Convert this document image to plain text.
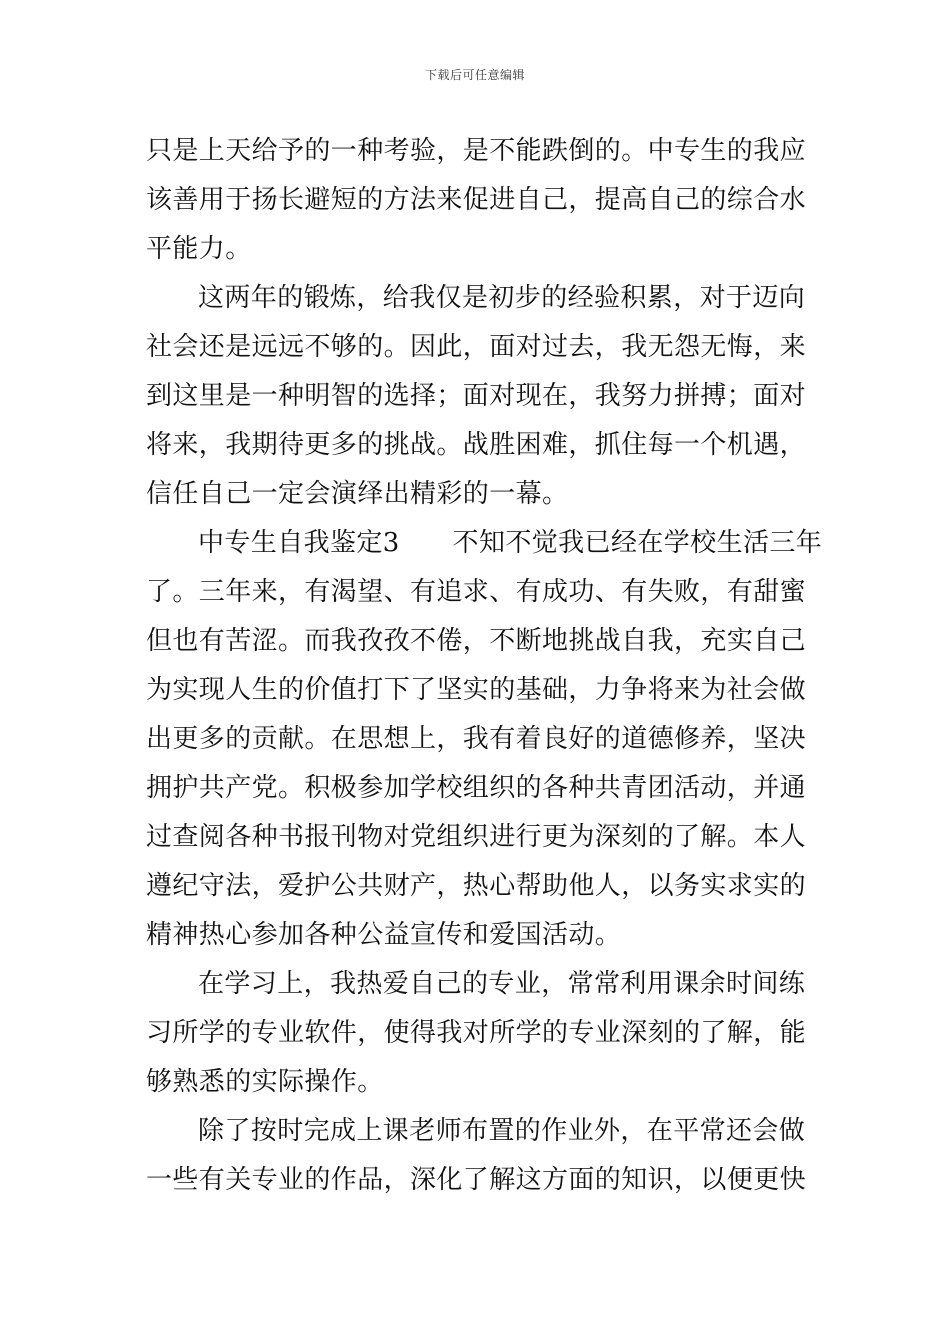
下载后可任意编辑
只是上天给予的一种考验，是不能跌倒的。中专生的我应
该善用于扬长避短的方法来促进自己，提高自己的综合水
平能力。
这两年的锻炼，给我仅是初步的经验积累，对于迈向
社会还是远远不够的。因此，面对过去，我无怨无悔，来
到这里是一种明智的选择；面对现在，我努力拼搏；面对
将来，我期待更多的挑战。战胜困难，抓住每一个机遇，
信任自己一定会演绎出精彩的一幕。
中专生自我鉴定3　　不知不觉我已经在学校生活三年
了。三年来，有渴望、有追求、有成功、有失败，有甜蜜
但也有苦涩。而我孜孜不倦，不断地挑战自我，充实自己
为实现人生的价值打下了坚实的基础，力争将来为社会做
出更多的贡献。在思想上，我有着良好的道德修养，坚决
拥护共产党。积极参加学校组织的各种共青团活动，并通
过查阅各种书报刊物对党组织进行更为深刻的了解。本人
遵纪守法，爱护公共财产，热心帮助他人，以务实求实的
精神热心参加各种公益宣传和爱国活动。
在学习上，我热爱自己的专业，常常利用课余时间练
习所学的专业软件，使得我对所学的专业深刻的了解，能
够熟悉的实际操作。
除了按时完成上课老师布置的作业外，在平常还会做
一些有关专业的作品，深化了解这方面的知识，以便更快
